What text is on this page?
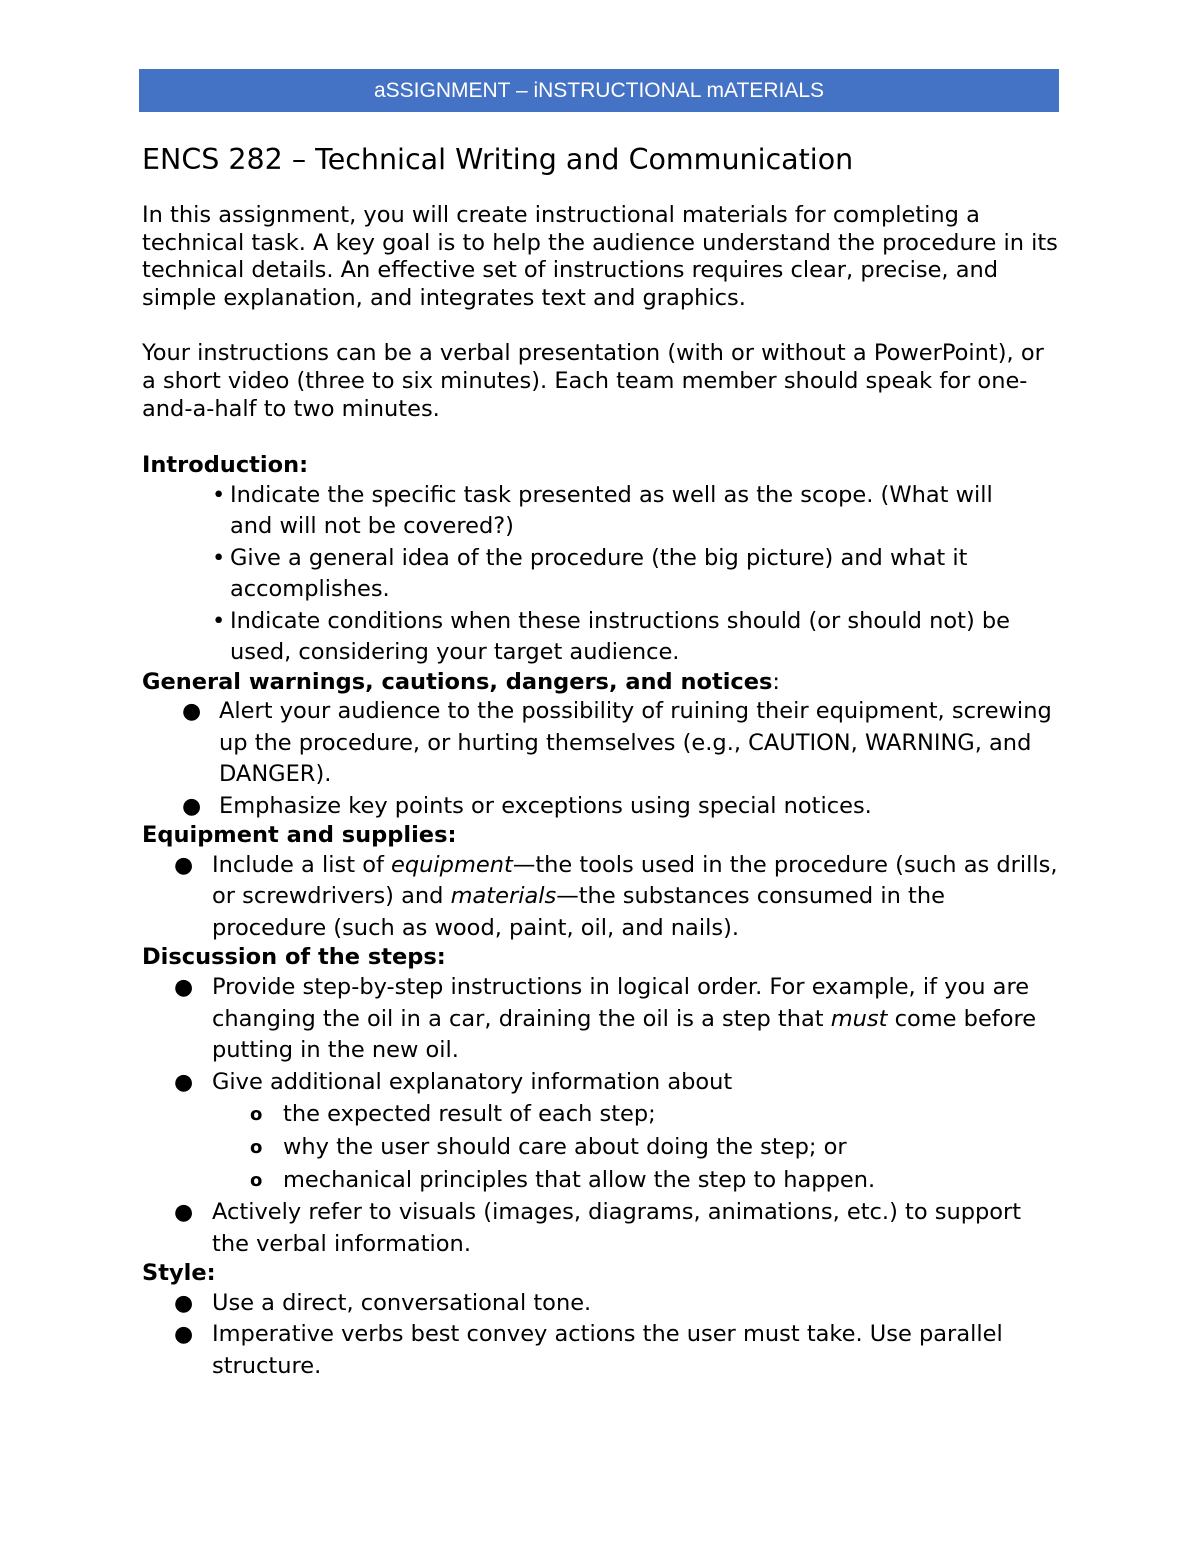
aSSIGNMENT – iNSTRUCTIONAL mATERIALS
ENCS 282 – Technical Writing and Communication

In this assignment, you will create instructional materials for completing a technical task. A key goal is to help the audience understand the procedure in its technical details. An effective set of instructions requires clear, precise, and simple explanation, and integrates text and graphics.

Your instructions can be a verbal presentation (with or without a PowerPoint), or a short video (three to six minutes). Each team member should speak for one-and-a-half to two minutes.

Introduction:
• Indicate the specific task presented as well as the scope. (What will
and will not be covered?)
• Give a general idea of the procedure (the big picture) and what it
accomplishes.
• Indicate conditions when these instructions should (or should not) be
used, considering your target audience.
General warnings, cautions, dangers, and notices:
● Alert your audience to the possibility of ruining their equipment, screwing up the procedure, or hurting themselves (e.g., CAUTION, WARNING, and DANGER).
● Emphasize key points or exceptions using special notices.
Equipment and supplies:
● Include a list of equipment—the tools used in the procedure (such as drills, or screwdrivers) and materials—the substances consumed in the procedure (such as wood, paint, oil, and nails).
Discussion of the steps:
● Provide step-by-step instructions in logical order. For example, if you are changing the oil in a car, draining the oil is a step that must come before putting in the new oil.
● Give additional explanatory information about
o the expected result of each step;
o why the user should care about doing the step; or
o mechanical principles that allow the step to happen.
● Actively refer to visuals (images, diagrams, animations, etc.) to support the verbal information.
Style:
● Use a direct, conversational tone.
● Imperative verbs best convey actions the user must take. Use parallel structure.
